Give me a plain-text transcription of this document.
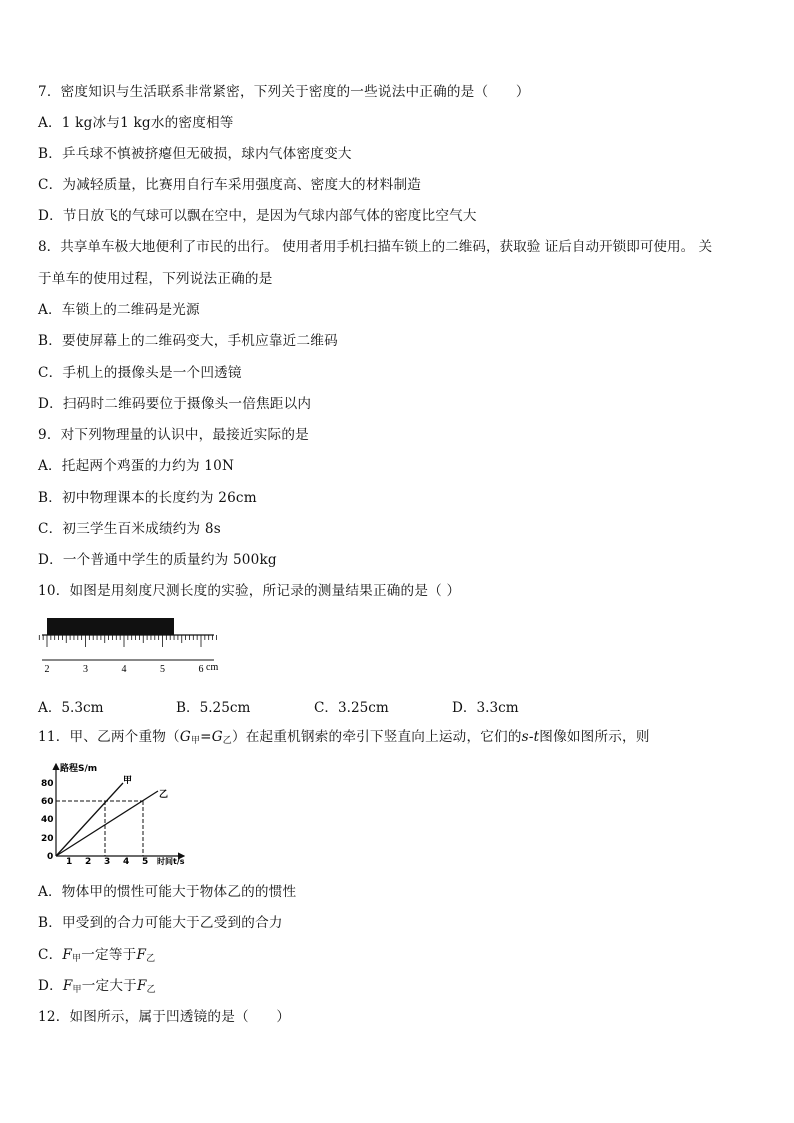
7．密度知识与生活联系非常紧密，下列关于密度的一些说法中正确的是（　　）
A．1 kg冰与1 kg水的密度相等
B．乒乓球不慎被挤瘪但无破损，球内气体密度变大
C．为减轻质量，比赛用自行车采用强度高、密度大的材料制造
D．节日放飞的气球可以飘在空中，是因为气球内部气体的密度比空气大
8．共享单车极大地便利了市民的出行。 使用者用手机扫描车锁上的二维码，获取验 证后自动开锁即可使用。 关
于单车的使用过程，下列说法正确的是
A．车锁上的二维码是光源
B．要使屏幕上的二维码变大，手机应靠近二维码
C．手机上的摄像头是一个凹透镜
D．扫码时二维码要位于摄像头一倍焦距以内
9．对下列物理量的认识中，最接近实际的是
A．托起两个鸡蛋的力约为 10N
B．初中物理课本的长度约为 26cm
C．初三学生百米成绩约为 8s
D．一个普通中学生的质量约为 500kg
10．如图是用刻度尺测长度的实验，所记录的测量结果正确的是（ ）
2	3	4	5	6 cm
A．5.3cm	B．5.25cm	C．3.25cm	D．3.3cm
11．甲、乙两个重物$(G_甲=G_乙)$在起重机钢索的牵引下竖直向上运动，它们的s-t图像如图所示，则
路程S/m
时间t/s
0
20
40
60
80
1 2 3 4 5
甲
乙
A．物体甲的惯性可能大于物体乙的的惯性
B．甲受到的合力可能大于乙受到的合力
C．$F_甲$一定等于$F_乙$
D．$F_甲$一定大于$F_乙$
12．如图所示，属于凹透镜的是（　　）
